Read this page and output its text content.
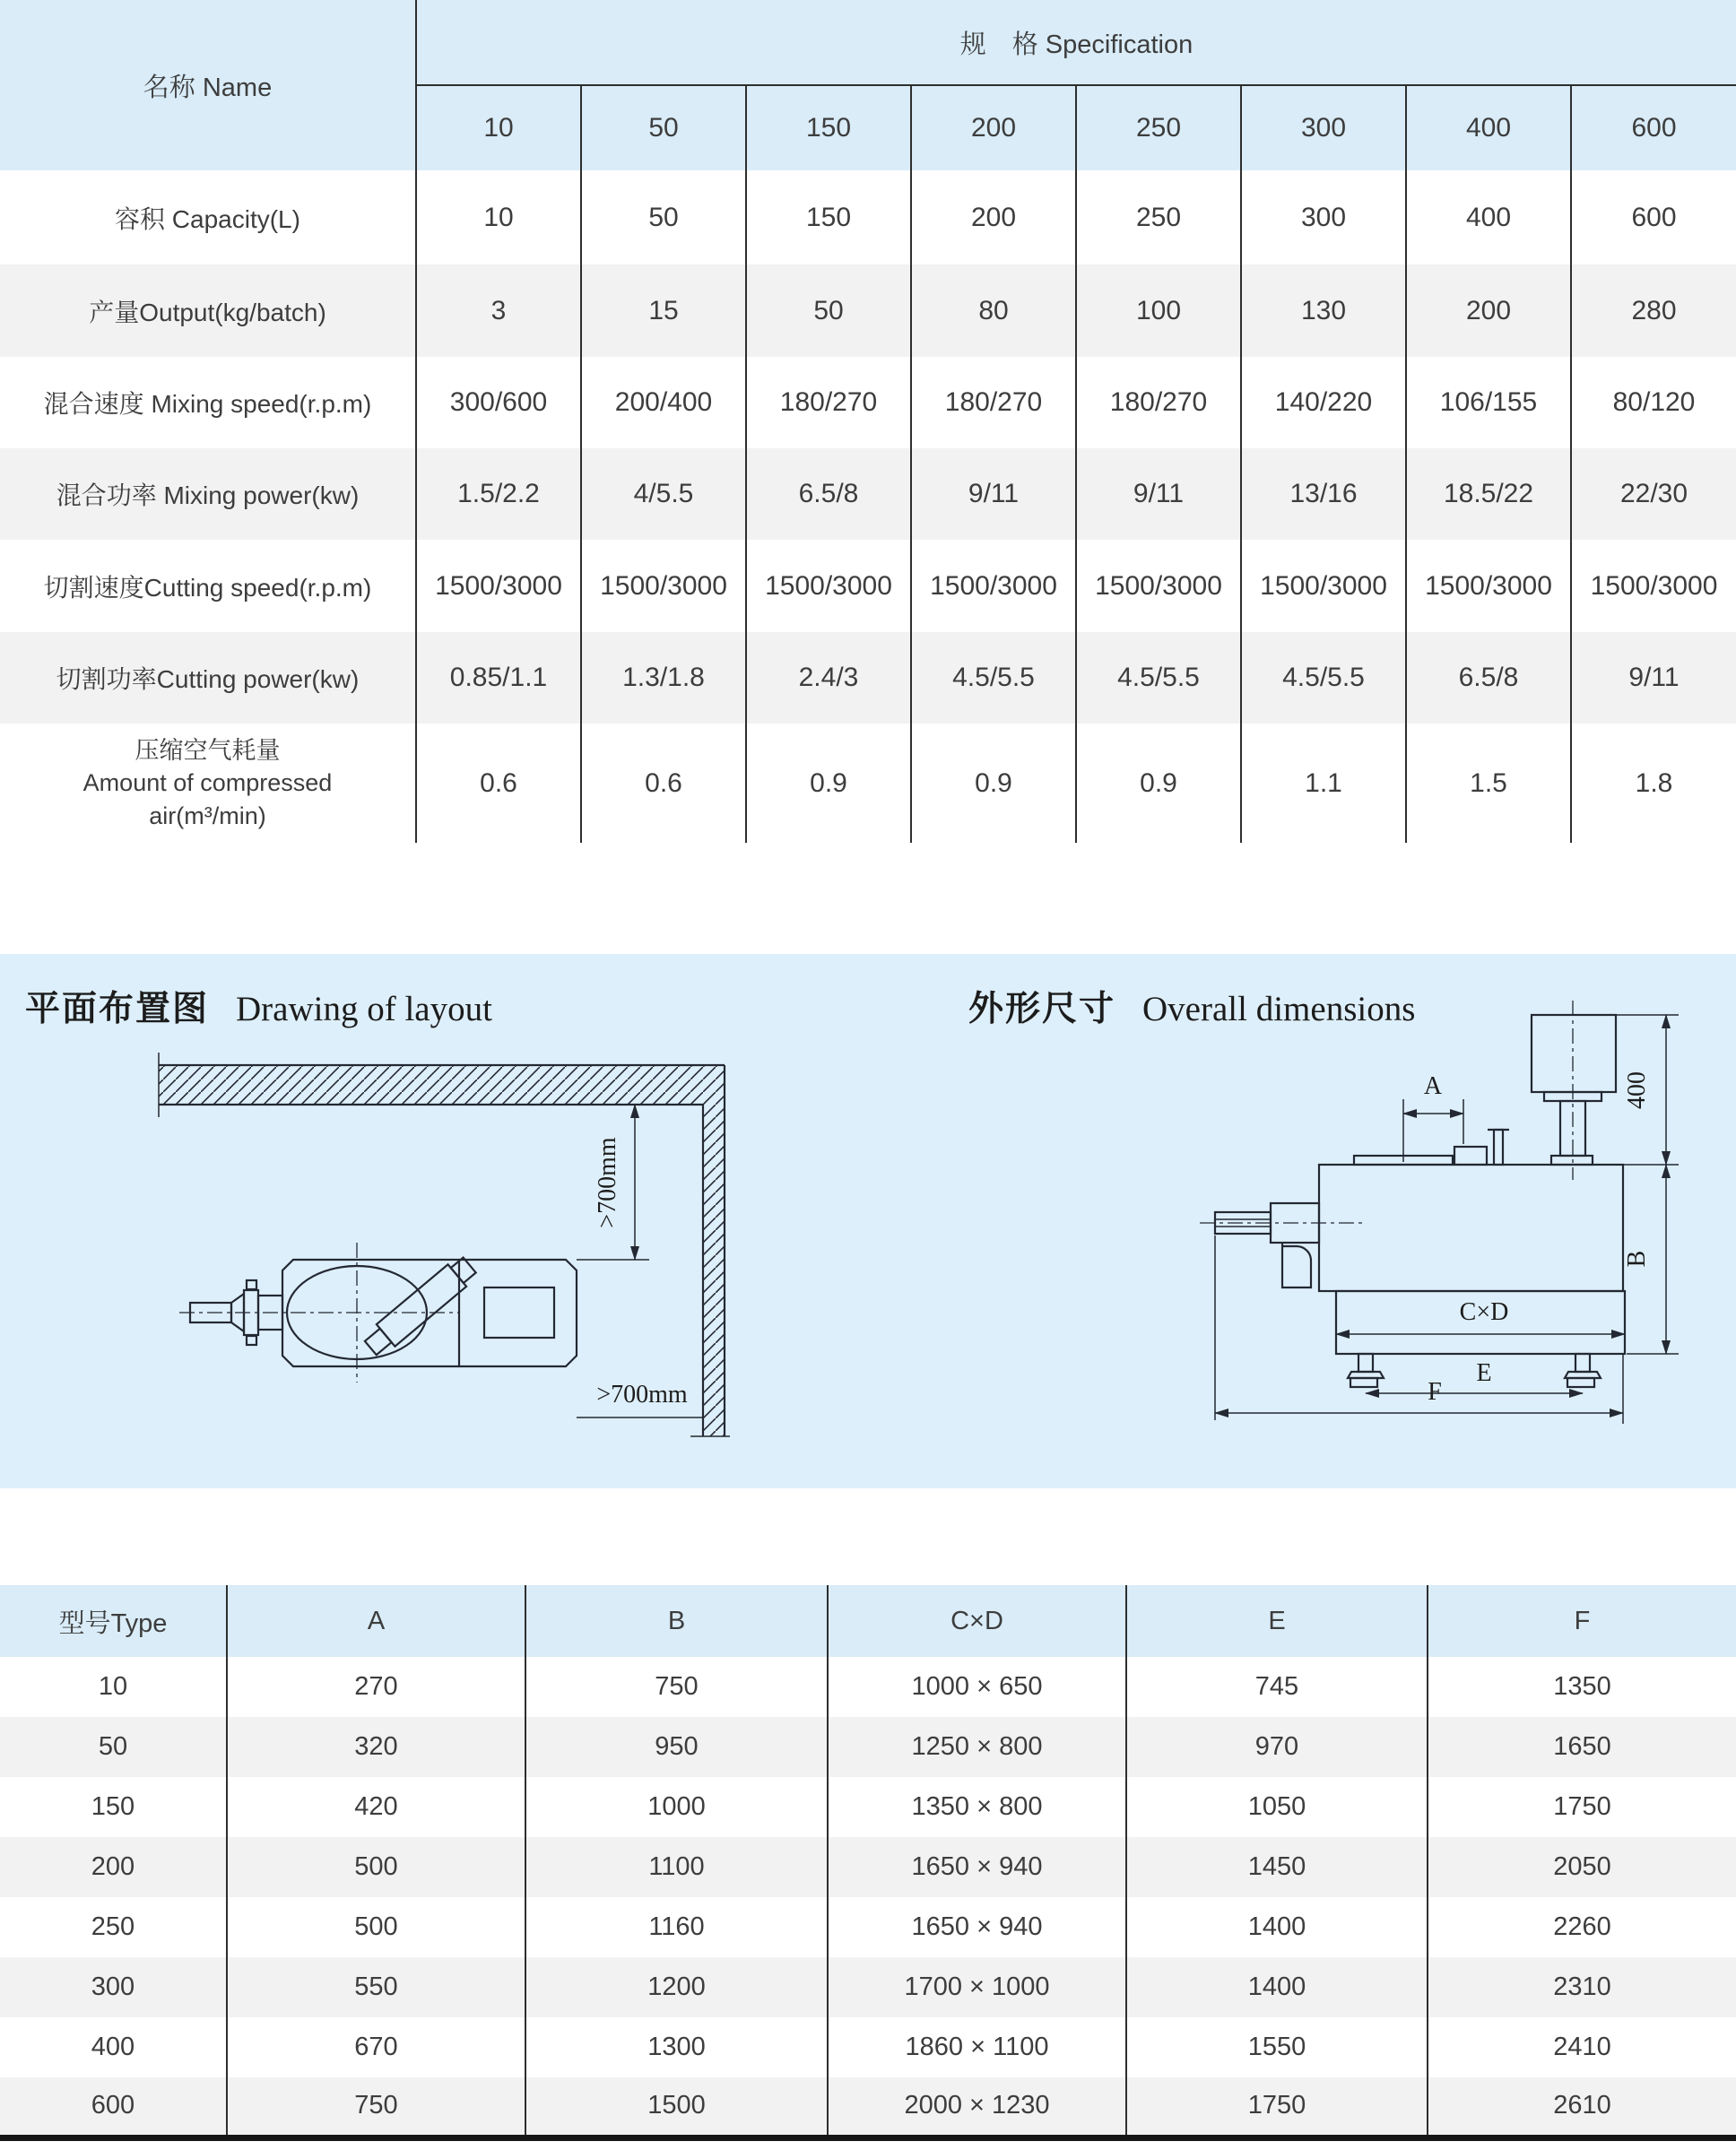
名称 Name	规　格 Specification							
	10	50	150	200	250	300	400	600
容积 Capacity(L)	10	50	150	200	250	300	400	600
产量Output(kg/batch)	3	15	50	80	100	130	200	280
混合速度 Mixing speed(r.p.m)	300/600	200/400	180/270	180/270	180/270	140/220	106/155	80/120
混合功率 Mixing power(kw)	1.5/2.2	4/5.5	6.5/8	9/11	9/11	13/16	18.5/22	22/30
切割速度Cutting speed(r.p.m)	1500/3000	1500/3000	1500/3000	1500/3000	1500/3000	1500/3000	1500/3000	1500/3000
切割功率Cutting power(kw)	0.85/1.1	1.3/1.8	2.4/3	4.5/5.5	4.5/5.5	4.5/5.5	6.5/8	9/11

压缩空气耗量
Amount of compressed
air(m³/min)	0.6	0.6	0.9	0.9	0.9	1.1	1.5	1.8
平面布置图 Drawing of layout	外形尺寸 Overall dimensions
>700mm
>700mm
A	400
C×D
B
E
F
型号Type	A	B	C×D	E	F
10	270	750	1000 × 650	745	1350
50	320	950	1250 × 800	970	1650
150	420	1000	1350 × 800	1050	1750
200	500	1100	1650 × 940	1450	2050
250	500	1160	1650 × 940	1400	2260
300	550	1200	1700 × 1000	1400	2310
400	670	1300	1860 × 1100	1550	2410
600	750	1500	2000 × 1230	1750	2610
